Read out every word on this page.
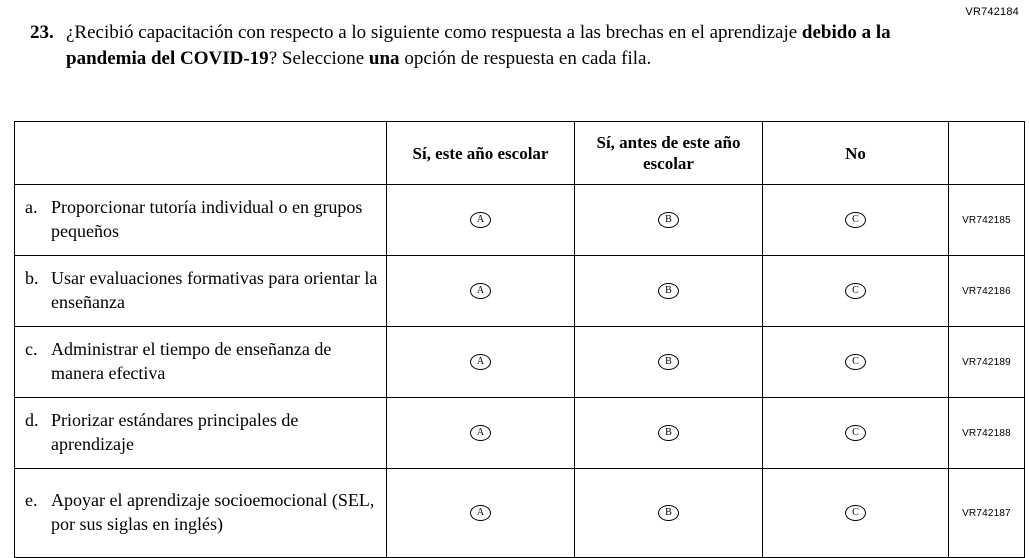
VR742184
23. ¿Recibió capacitación con respecto a lo siguiente como respuesta a las brechas en el aprendizaje debido a la pandemia del COVID-19? Seleccione una opción de respuesta en cada fila.
	Sí, este año escolar	Sí, antes de este año escolar	No	

a. Proporcionar tutoría individual o en grupos pequeños	A	B	C	VR742185

b. Usar evaluaciones formativas para orientar la enseñanza	A	B	C	VR742186

c. Administrar el tiempo de enseñanza de manera efectiva	A	B	C	VR742189

d. Priorizar estándares principales de aprendizaje	A	B	C	VR742188

e. Apoyar el aprendizaje socioemocional (SEL, por sus siglas en inglés)	A	B	C	VR742187
